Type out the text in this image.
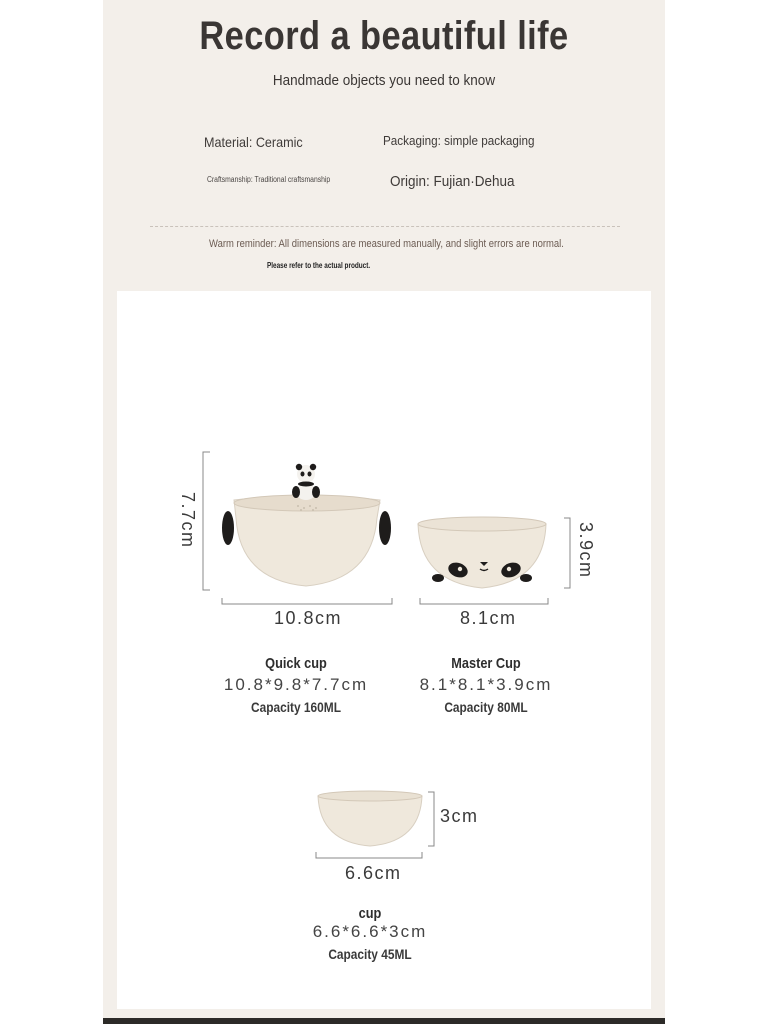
Record a beautiful life
Handmade objects you need to know
Material: Ceramic	Packaging: simple packaging
Craftsmanship: Traditional craftsmanship	Origin: Fujian·Dehua
Warm reminder: All dimensions are measured manually, and slight errors are normal.
Please refer to the actual product.
7.7cm
10.8cm
3.9cm
8.1cm
Quick cup
10.8*9.8*7.7cm
Capacity 160ML
Master Cup
8.1*8.1*3.9cm
Capacity 80ML
3cm
6.6cm
cup
6.6*6.6*3cm
Capacity 45ML
